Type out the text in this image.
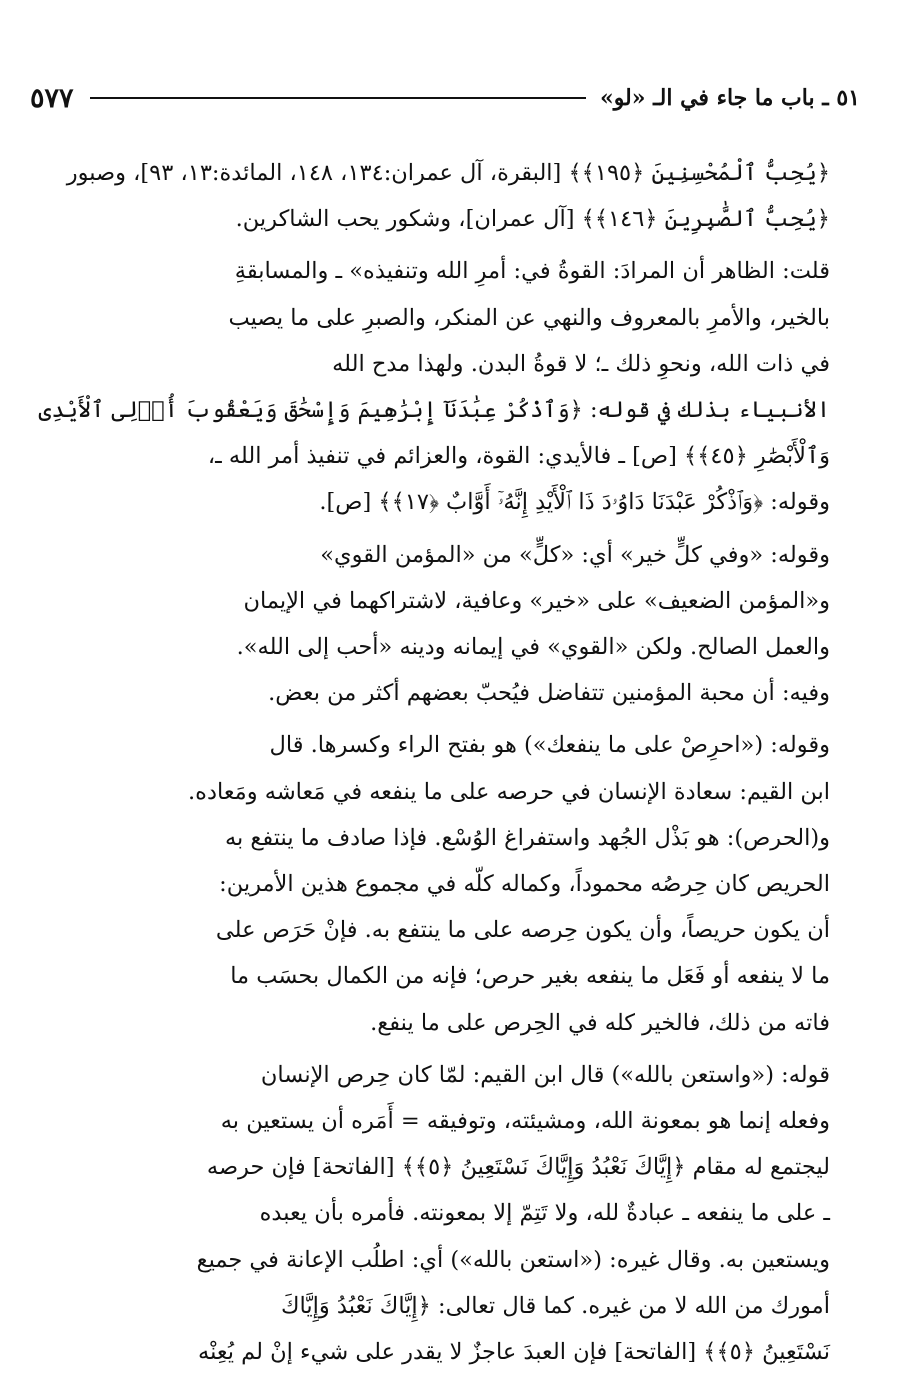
٥١ ـ باب ما جاء في الـ «لو»
٥٧٧

﴿يُحِبُّ ٱلْمُحْسِنِينَ ﴿١٩٥﴾﴾ [البقرة، آل عمران:١٣٤، ١٤٨، المائدة:١٣، ٩٣]، وصبور
﴿يُحِبُّ ٱلصَّٰبِرِينَ ﴿١٤٦﴾﴾ [آل عمران]، وشكور يحب الشاكرين.

قلت: الظاهر أن المرادَ: القوةُ في: أمرِ الله وتنفيذه» ـ والمسابقةِ
بالخير، والأمرِ بالمعروف والنهي عن المنكر، والصبرِ على ما يصيب
في ذات الله، ونحوِ ذلك ـ؛ لا قوةُ البدن. ولهذا مدح الله
الأنبياء بذلك في قوله: ﴿وَٱذْكُرْ عِبَٰدَنَآ إِبْرَٰهِيمَ وَإِسْحَٰقَ وَيَعْقُوبَ أُو۟لِى ٱلْأَيْدِى
وَٱلْأَبْصَٰرِ ﴿٤٥﴾﴾ [ص] ـ فالأيدي: القوة، والعزائم في تنفيذ أمر الله ـ،
وقوله: ﴿وَٱذْكُرْ عَبْدَنَا دَاوُۥدَ ذَا ٱلْأَيْدِ إِنَّهُۥٓ أَوَّابٌ ﴿١٧﴾﴾ [ص].

وقوله: «وفي كلٍّ خير» أي: «كلٍّ» من «المؤمن القوي»
و«المؤمن الضعيف» على «خير» وعافية، لاشتراكهما في الإيمان
والعمل الصالح. ولكن «القوي» في إيمانه ودينه «أحب إلى الله».
وفيه: أن محبة المؤمنين تتفاضل فيُحبّ بعضهم أكثر من بعض.

وقوله: («احرِصْ على ما ينفعك») هو بفتح الراء وكسرها. قال
ابن القيم: سعادة الإنسان في حرصه على ما ينفعه في مَعاشه ومَعاده.
و(الحرص): هو بَذْل الجُهد واستفراغ الوُسْع. فإذا صادف ما ينتفع به
الحريص كان حِرصُه محموداً، وكماله كلّه في مجموع هذين الأمرين:
أن يكون حريصاً، وأن يكون حِرصه على ما ينتفع به. فإنْ حَرَص على
ما لا ينفعه أو فَعَل ما ينفعه بغير حرص؛ فإنه من الكمال بحسَب ما
فاته من ذلك، فالخير كله في الحِرص على ما ينفع.

قوله: («واستعن بالله») قال ابن القيم: لمّا كان حِرص الإنسان
وفعله إنما هو بمعونة الله، ومشيئته، وتوفيقه = أَمَره أن يستعين به
ليجتمع له مقام ﴿إِيَّاكَ نَعْبُدُ وَإِيَّاكَ نَسْتَعِينُ ﴿٥﴾﴾ [الفاتحة] فإن حرصه
ـ على ما ينفعه ـ عبادةٌ لله، ولا تَتِمّ إلا بمعونته. فأمره بأن يعبده
ويستعين به. وقال غيره: («استعن بالله») أي: اطلُب الإعانة في جميع
أمورك من الله لا من غيره. كما قال تعالى: ﴿إِيَّاكَ نَعْبُدُ وَإِيَّاكَ
نَسْتَعِينُ ﴿٥﴾﴾ [الفاتحة] فإن العبدَ عاجزٌ لا يقدر على شيء إنْ لم يُعِنْه
